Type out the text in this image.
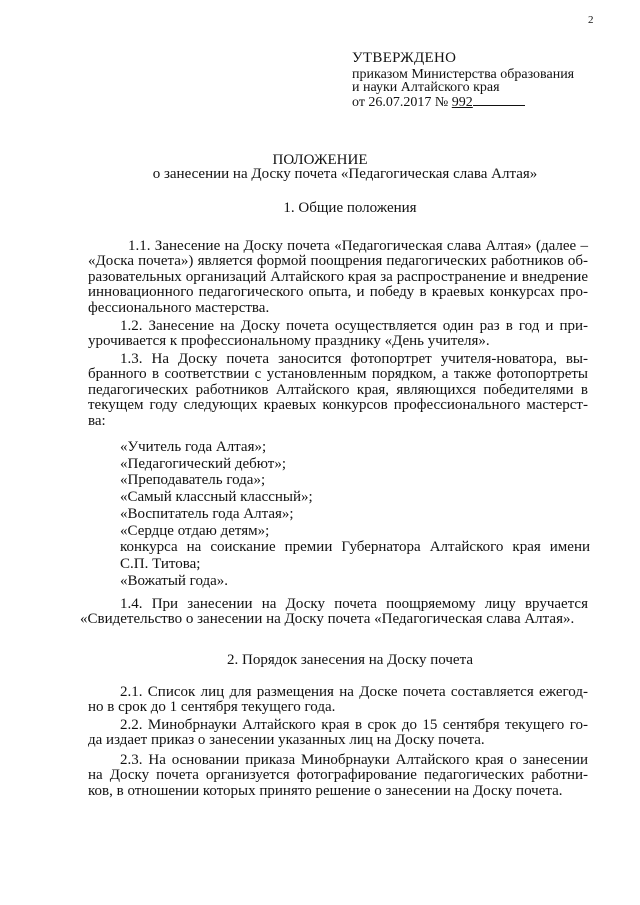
2
УТВЕРЖДЕНО
приказом Министерства образования
и науки Алтайского края
от 26.07.2017 № 992
ПОЛОЖЕНИЕ
о занесении на Доску почета «Педагогическая слава Алтая»
1. Общие положения
1.1. Занесение на Доску почета «Педагогическая слава Алтая» (далее –
«Доска почета») является формой поощрения педагогических работников об-
разовательных организаций Алтайского края за распространение и внедрение
инновационного педагогического опыта, и победу в краевых конкурсах про-
фессионального мастерства.
1.2. Занесение на Доску почета осуществляется один раз в год и при-
урочивается к профессиональному празднику «День учителя».
1.3. На Доску почета заносится фотопортрет учителя-новатора, вы-
бранного в соответствии с установленным порядком, а также фотопортреты
педагогических работников Алтайского края, являющихся победителями в
текущем году следующих краевых конкурсов профессионального мастерст-
ва:
«Учитель года Алтая»;
«Педагогический дебют»;
«Преподаватель года»;
«Самый классный классный»;
«Воспитатель года Алтая»;
«Сердце отдаю детям»;
конкурса на соискание премии Губернатора Алтайского края имени
С.П. Титова;
«Вожатый года».
1.4. При занесении на Доску почета поощряемому лицу вручается
«Свидетельство о занесении на Доску почета «Педагогическая слава Алтая».
2. Порядок занесения на Доску почета
2.1. Список лиц для размещения на Доске почета составляется ежегод-
но в срок до 1 сентября текущего года.
2.2. Минобрнауки Алтайского края в срок до 15 сентября текущего го-
да издает приказ о занесении указанных лиц на Доску почета.
2.3. На основании приказа Минобрнауки Алтайского края о занесении
на Доску почета организуется фотографирование педагогических работни-
ков, в отношении которых принято решение о занесении на Доску почета.
